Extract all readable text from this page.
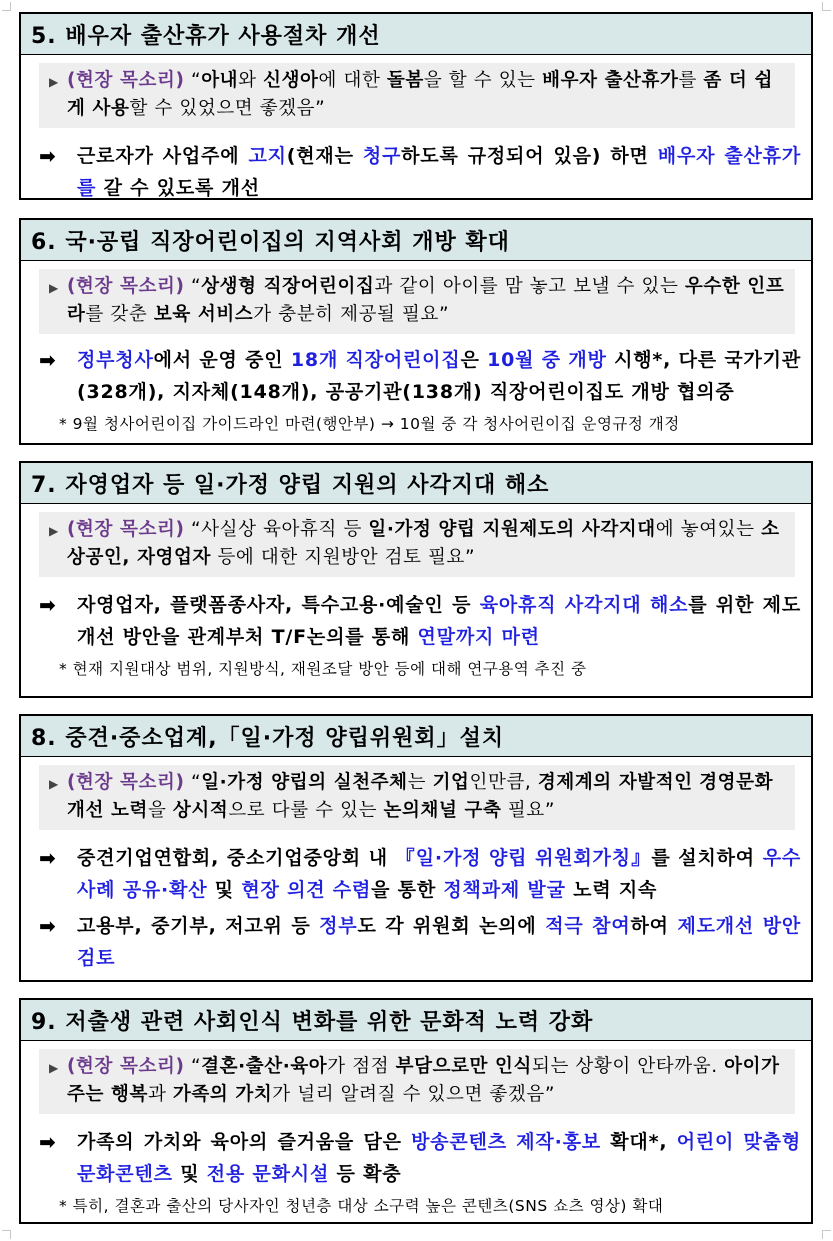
5. 배우자 출산휴가 사용절차 개선
▶ (현장 목소리) “아내와 신생아에 대한 돌봄을 할 수 있는 배우자 출산휴가를 좀 더 쉽게 사용할 수 있었으면 좋겠음”
➡ 근로자가 사업주에 고지(현재는 청구하도록 규정되어 있음) 하면 배우자 출산휴가를 갈 수 있도록 개선
6. 국·공립 직장어린이집의 지역사회 개방 확대
▶ (현장 목소리) “상생형 직장어린이집과 같이 아이를 맘 놓고 보낼 수 있는 우수한 인프라를 갖춘 보육 서비스가 충분히 제공될 필요”
➡ 정부청사에서 운영 중인 18개 직장어린이집은 10월 중 개방 시행*, 다른 국가기관(328개), 지자체(148개), 공공기관(138개) 직장어린이집도 개방 협의중
* 9월 청사어린이집 가이드라인 마련(행안부) → 10월 중 각 청사어린이집 운영규정 개정
7. 자영업자 등 일·가정 양립 지원의 사각지대 해소
▶ (현장 목소리) “사실상 육아휴직 등 일·가정 양립 지원제도의 사각지대에 놓여있는 소상공인, 자영업자 등에 대한 지원방안 검토 필요”
➡ 자영업자, 플랫폼종사자, 특수고용·예술인 등 육아휴직 사각지대 해소를 위한 제도개선 방안을 관계부처 T/F논의를 통해 연말까지 마련
* 현재 지원대상 범위, 지원방식, 재원조달 방안 등에 대해 연구용역 추진 중
8. 중견·중소업계,「일·가정 양립위원회」설치
▶ (현장 목소리) “일·가정 양립의 실천주체는 기업인만큼, 경제계의 자발적인 경영문화 개선 노력을 상시적으로 다룰 수 있는 논의채널 구축 필요”
➡ 중견기업연합회, 중소기업중앙회 내 『일·가정 양립 위원회가칭』를 설치하여 우수사례 공유·확산 및 현장 의견 수렴을 통한 정책과제 발굴 노력 지속
➡ 고용부, 중기부, 저고위 등 정부도 각 위원회 논의에 적극 참여하여 제도개선 방안 검토
9. 저출생 관련 사회인식 변화를 위한 문화적 노력 강화
▶ (현장 목소리) “결혼·출산·육아가 점점 부담으로만 인식되는 상황이 안타까움. 아이가 주는 행복과 가족의 가치가 널리 알려질 수 있으면 좋겠음”
➡ 가족의 가치와 육아의 즐거움을 담은 방송콘텐츠 제작·홍보 확대*, 어린이 맞춤형 문화콘텐츠 및 전용 문화시설 등 확충
* 특히, 결혼과 출산의 당사자인 청년층 대상 소구력 높은 콘텐츠(SNS 쇼츠 영상) 확대
